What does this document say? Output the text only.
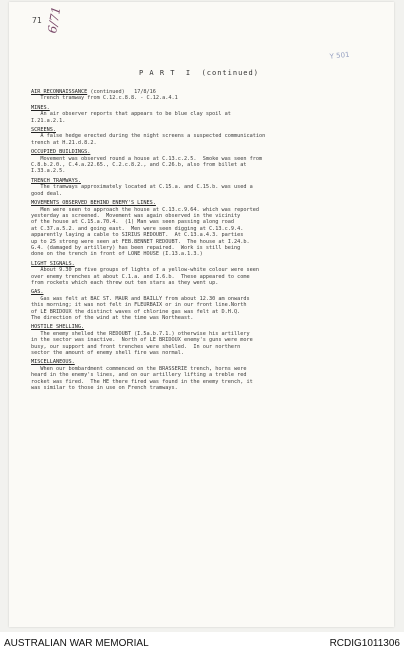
71 6/71
Y 501
P A R T  I  (continued)
AIR RECONNAISSANCE (continued)   17/8/16
Trench tramway from C.12.c.8.8. - C.12.a.4.1
MINES.
An air observer reports that appears to be blue clay spoil at
I.21.a.2.1.
SCREENS.
A false hedge erected during the night screens a suspected communication
trench at H.21.d.8.2.
OCCUPIED BUILDINGS.
Movement was observed round a house at C.13.c.2.5.  Smoke was seen from
C.8.b.2.0., C.4.a.22.65., C.2.c.8.2., and C.26.b, also from billet at
I.33.a.2.5.
TRENCH TRAMWAYS.
The tramways approximately located at C.15.a. and C.15.b. was used a
good deal.
MOVEMENTS OBSERVED BEHIND ENEMY'S LINES.
Men were seen to approach the house at C.13.c.9.64. which was reported
yesterday as screened.  Movement was again observed in the vicinity
of the house at C.15.a.70.4.  (1) Man was seen passing along road
at C.37.a.5.2. and going east.  Men were seen digging at C.13.c.9.4.
apparently laying a cable to SIRIUS REDOUBT.  At C.13.a.4.3. parties
up to 25 strong were seen at FEB.BENNET REDOUBT.  The house at I.24.b.
G.4. (damaged by artillery) has been repaired.  Work is still being
done on the trench in front of LONE HOUSE (I.13.a.1.3.)
LIGHT SIGNALS.
About 9.30 pm five groups of lights of a yellow-white colour were seen
over enemy trenches at about C.1.a. and I.6.b.  These appeared to come
from rockets which each threw out ten stars as they went up.
GAS.
Gas was felt at BAC ST. MAUR and BAILLY from about 12.30 am onwards
this morning; it was not felt in FLEURBAIX or in our front line.North
of LE BRIDOUX the distinct waves of chlorine gas was felt at D.H.Q.
The direction of the wind at the time was Northeast.
HOSTILE SHELLING.
The enemy shelled the REDOUBT (I.5a.b.7.1.) otherwise his artillery
in the sector was inactive.  North of LE BRIDOUX enemy's guns were more
busy, our support and front trenches were shelled.  In our northern
sector the amount of enemy shell fire was normal.
MISCELLANEOUS.
When our bombardment commenced on the BRASSERIE trench, horns were
heard in the enemy's lines, and on our artillery lifting a treble red
rocket was fired.  The HE there fired was found in the enemy trench, it
was similar to those in use on French tramways.
AUSTRALIAN WAR MEMORIAL	RCDIG1011306
